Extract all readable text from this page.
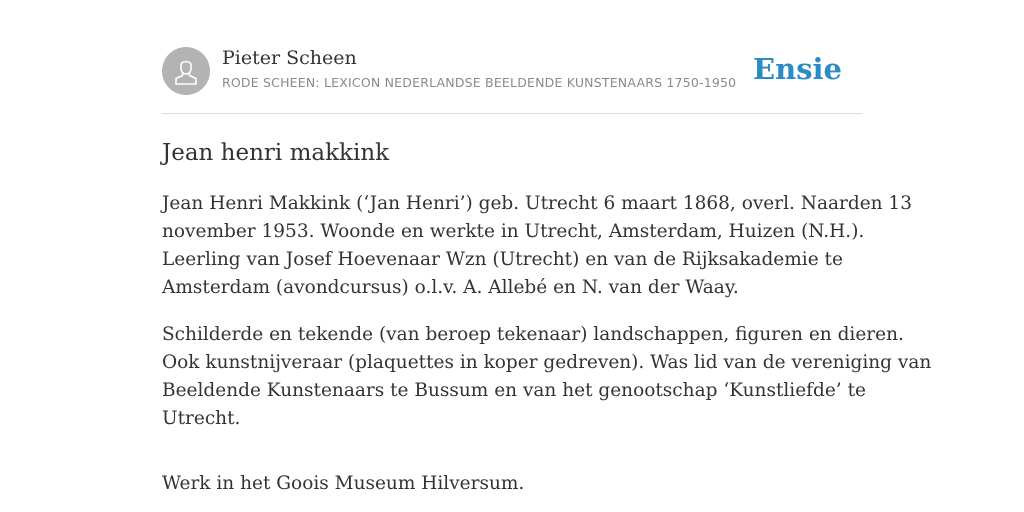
Pieter Scheen
RODE SCHEEN: LEXICON NEDERLANDSE BEELDENDE KUNSTENAARS 1750-1950 Ensie
Jean henri makkink

Jean Henri Makkink (‘Jan Henri’) geb. Utrecht 6 maart 1868, overl. Naarden 13
november 1953. Woonde en werkte in Utrecht, Amsterdam, Huizen (N.H.).
Leerling van Josef Hoevenaar Wzn (Utrecht) en van de Rijksakademie te
Amsterdam (avondcursus) o.l.v. A. Allebé en N. van der Waay.

Schilderde en tekende (van beroep tekenaar) landschappen, figuren en dieren.
Ook kunstnijveraar (plaquettes in koper gedreven). Was lid van de vereniging van
Beeldende Kunstenaars te Bussum en van het genootschap ‘Kunstliefde’ te
Utrecht.

Werk in het Goois Museum Hilversum.
